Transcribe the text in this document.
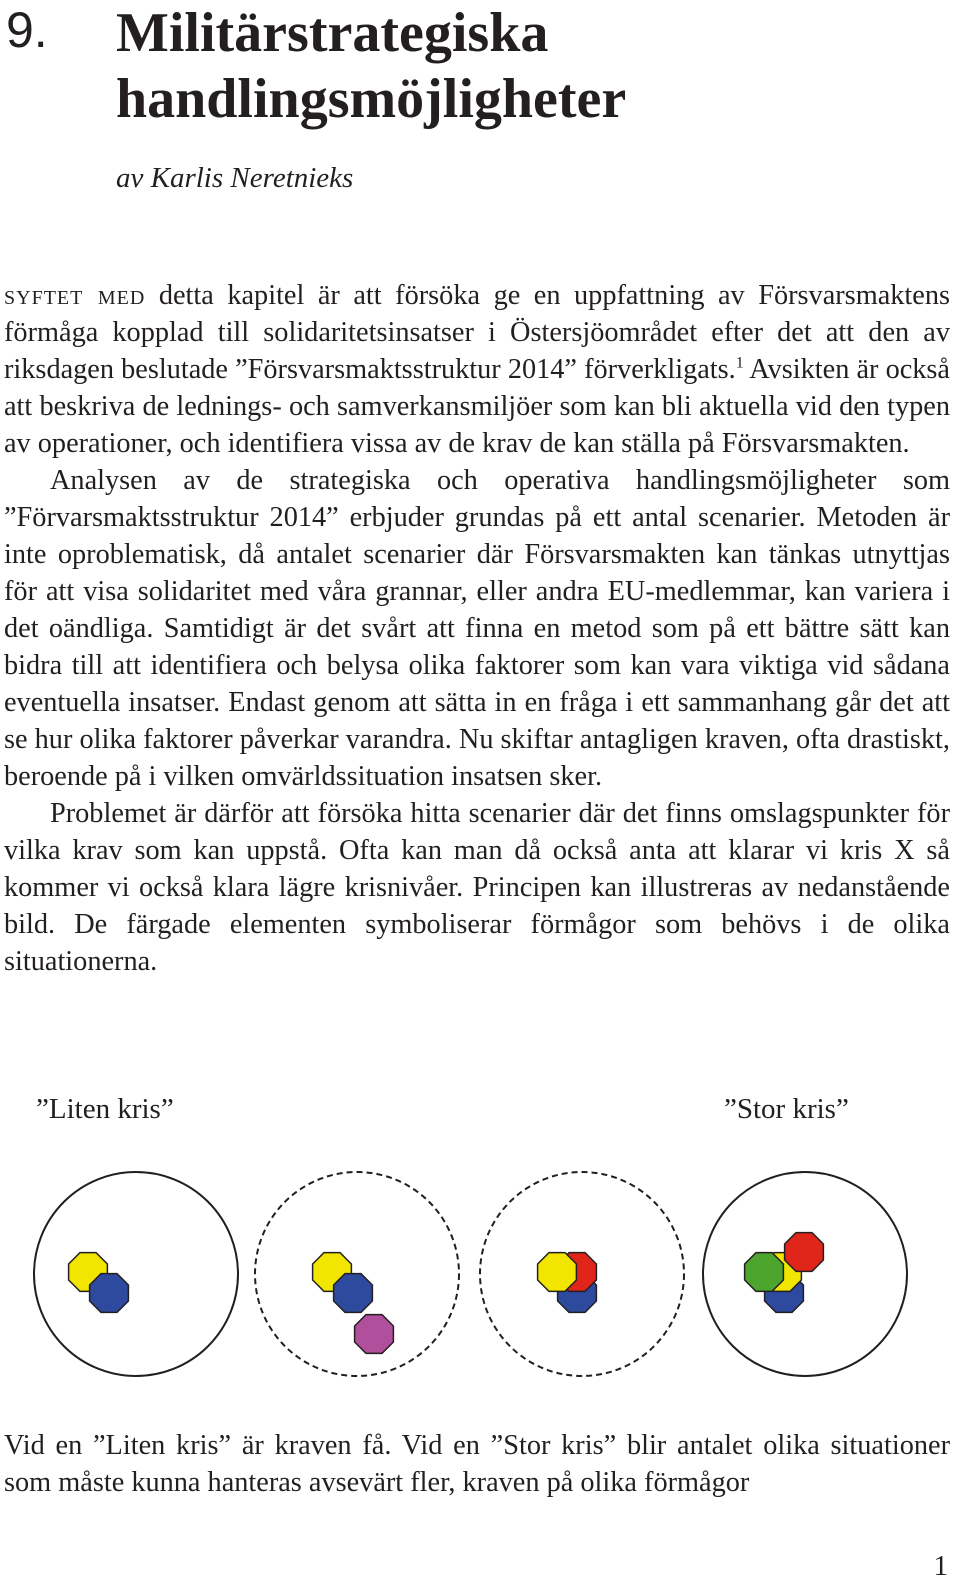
9. Militärstrategiska handlingsmöjligheter
av Karlis Neretnieks

syftet med detta kapitel är att försöka ge en uppfattning av Försvarsmaktens förmåga kopplad till solidaritetsinsatser i Östersjöområdet efter det att den av riksdagen beslutade ”Försvarsmaktsstruktur 2014” förverkligats.$^1$ Avsikten är också att beskriva de lednings- och samverkansmiljöer som kan bli aktuella vid den typen av operationer, och identifiera vissa av de krav de kan ställa på Försvarsmakten.

Analysen av de strategiska och operativa handlingsmöjligheter som ”Förvarsmaktsstruktur 2014” erbjuder grundas på ett antal scenarier. Metoden är inte oproblematisk, då antalet scenarier där Försvarsmakten kan tänkas utnyttjas för att visa solidaritet med våra grannar, eller andra EU-medlemmar, kan variera i det oändliga. Samtidigt är det svårt att finna en metod som på ett bättre sätt kan bidra till att identifiera och belysa olika faktorer som kan vara viktiga vid sådana eventuella insatser. Endast genom att sätta in en fråga i ett sammanhang går det att se hur olika faktorer påverkar varandra. Nu skiftar antagligen kraven, ofta drastiskt, beroende på i vilken omvärldssituation insatsen sker.

Problemet är därför att försöka hitta scenarier där det finns omslagspunkter för vilka krav som kan uppstå. Ofta kan man då också anta att klarar vi kris X så kommer vi också klara lägre krisnivåer. Principen kan illustreras av nedanstående bild. De färgade elementen symboliserar förmågor som behövs i de olika situationerna.

”Liten kris”	”Stor kris”

Vid en ”Liten kris” är kraven få. Vid en ”Stor kris” blir antalet olika situationer som måste kunna hanteras avsevärt fler, kraven på olika förmågor

1
